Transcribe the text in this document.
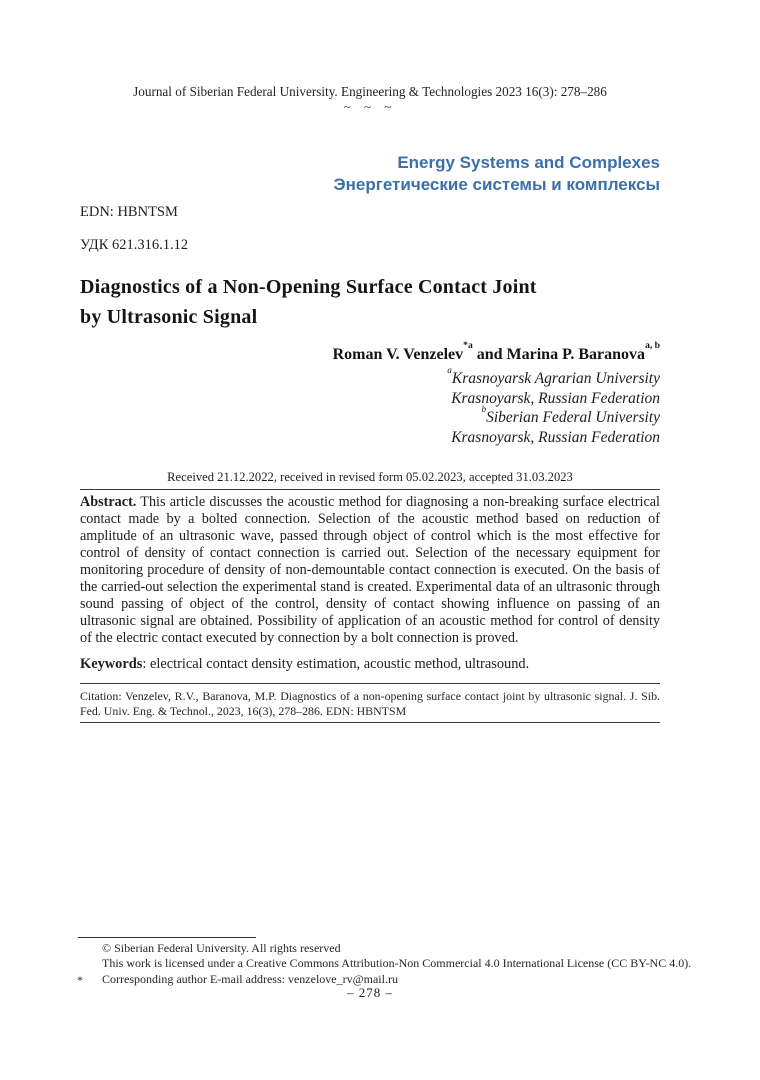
Journal of Siberian Federal University. Engineering & Technologies 2023 16(3): 278–286
~ ~ ~
Energy Systems and Complexes
Энергетические системы и комплексы
EDN: HBNTSM
УДК 621.316.1.12
Diagnostics of a Non-Opening Surface Contact Joint
by Ultrasonic Signal
Roman V. Venzelev$^{*a}$ and Marina P. Baranova$^{a, b}$
$^a$Krasnoyarsk Agrarian University
Krasnoyarsk, Russian Federation
$^b$Siberian Federal University
Krasnoyarsk, Russian Federation
Received 21.12.2022, received in revised form 05.02.2023, accepted 31.03.2023

Abstract. This article discusses the acoustic method for diagnosing a non-breaking surface electrical contact made by a bolted connection. Selection of the acoustic method based on reduction of amplitude of an ultrasonic wave, passed through object of control which is the most effective for control of density of contact connection is carried out. Selection of the necessary equipment for monitoring procedure of density of non-demountable contact connection is executed. On the basis of the carried-out selection the experimental stand is created. Experimental data of an ultrasonic through sound passing of object of the control, density of contact showing influence on passing of an ultrasonic signal are obtained. Possibility of application of an acoustic method for control of density of the electric contact executed by connection by a bolt connection is proved.

Keywords: electrical contact density estimation, acoustic method, ultrasound.

Citation: Venzelev, R.V., Baranova, M.P. Diagnostics of a non-opening surface contact joint by ultrasonic signal. J. Sib. Fed. Univ. Eng. & Technol., 2023, 16(3), 278–286. EDN: HBNTSM

© Siberian Federal University. All rights reserved
This work is licensed under a Creative Commons Attribution-Non Commercial 4.0 International License (CC BY-NC 4.0).
* Corresponding author E-mail address: venzelove_rv@mail.ru
– 278 –
